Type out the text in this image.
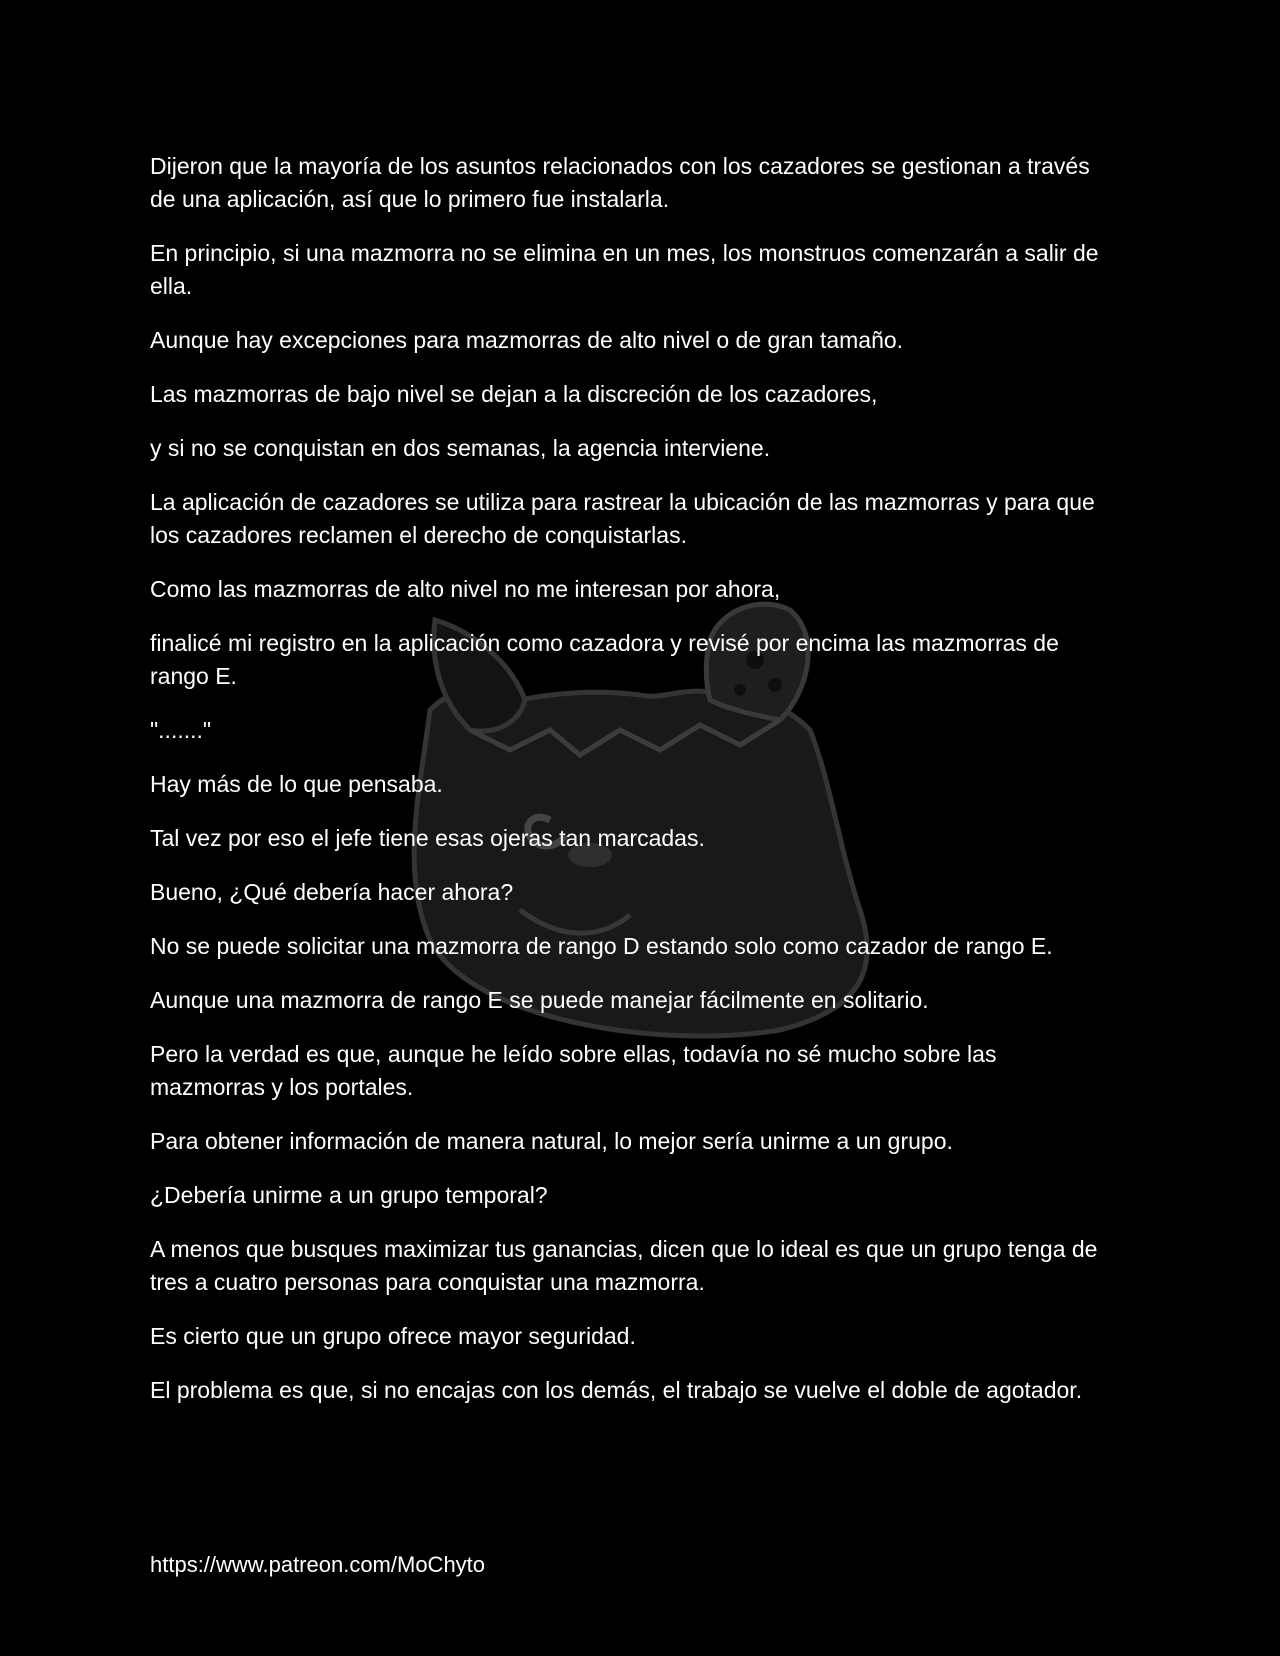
Dijeron que la mayoría de los asuntos relacionados con los cazadores se gestionan a través de una aplicación, así que lo primero fue instalarla.

En principio, si una mazmorra no se elimina en un mes, los monstruos comenzarán a salir de ella.

Aunque hay excepciones para mazmorras de alto nivel o de gran tamaño.

Las mazmorras de bajo nivel se dejan a la discreción de los cazadores,

y si no se conquistan en dos semanas, la agencia interviene.

La aplicación de cazadores se utiliza para rastrear la ubicación de las mazmorras y para que los cazadores reclamen el derecho de conquistarlas.

Como las mazmorras de alto nivel no me interesan por ahora,

finalicé mi registro en la aplicación como cazadora y revisé por encima las mazmorras de rango E.

"......."

Hay más de lo que pensaba.

Tal vez por eso el jefe tiene esas ojeras tan marcadas.

Bueno, ¿Qué debería hacer ahora?

No se puede solicitar una mazmorra de rango D estando solo como cazador de rango E.

Aunque una mazmorra de rango E se puede manejar fácilmente en solitario.

Pero la verdad es que, aunque he leído sobre ellas, todavía no sé mucho sobre las mazmorras y los portales.

Para obtener información de manera natural, lo mejor sería unirme a un grupo.

¿Debería unirme a un grupo temporal?

A menos que busques maximizar tus ganancias, dicen que lo ideal es que un grupo tenga de tres a cuatro personas para conquistar una mazmorra.

Es cierto que un grupo ofrece mayor seguridad.

El problema es que, si no encajas con los demás, el trabajo se vuelve el doble de agotador.

https://www.patreon.com/MoChyto
